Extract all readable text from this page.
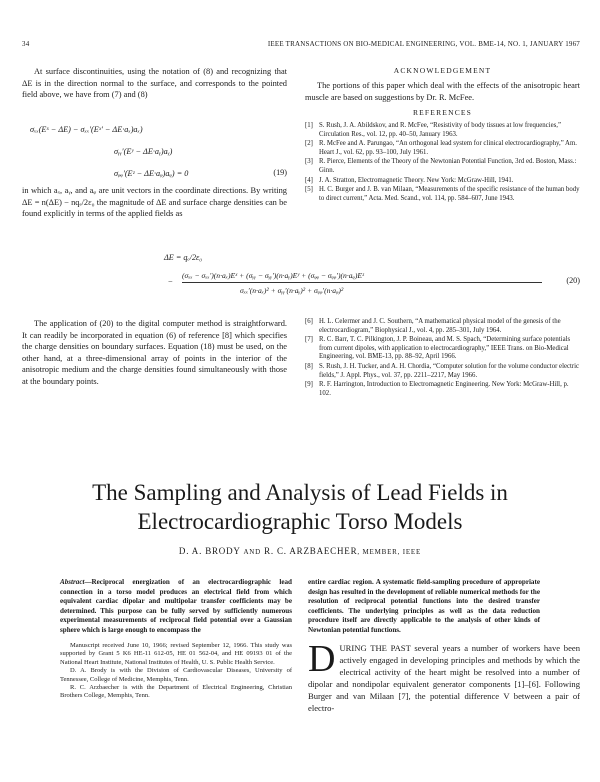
34	IEEE TRANSACTIONS ON BIO-MEDICAL ENGINEERING, VOL. BME-14, NO. 1, JANUARY 1967
At surface discontinuities, using the notation of (8) and recognizing that ΔE is in the direction normal to the surface, and corresponds to the pointed field above, we have from (7) and (8)
σₓₓ(Eˣ − ΔE) − σₓₓ′(Eˣ′ − ΔE·aₓ)aₓ)
σᵧᵧ′(Eʸ − ΔE·aᵧ)aᵧ)
σᵩᵩ′(Eᶻ − ΔE·aᵩ)aᵩ) = 0	(19)
in which aₓ, aᵧ, and aᵩ are unit vectors in the coordinate directions. By writing ΔE = n(ΔE) − nqₑ/2ε₀ the magnitude of ΔE and surface charge densities can be found explicitly in terms of the applied fields as
ACKNOWLEDGEMENT
The portions of this paper which deal with the effects of the anisotropic heart muscle are based on suggestions by Dr. R. McFee.
REFERENCES
[1] S. Rush, J. A. Abildskov, and R. McFee, “Resistivity of body tissues at low frequencies,” Circulation Res., vol. 12, pp. 40–50, January 1963.
[2] R. McFee and A. Parungao, “An orthogonal lead system for clinical electrocardiography,” Am. Heart J., vol. 62, pp. 93–100, July 1961.
[3] R. Pierce, Elements of the Theory of the Newtonian Potential Function, 3rd ed. Boston, Mass.: Ginn.
[4] J. A. Stratton, Electromagnetic Theory. New York: McGraw-Hill, 1941.
[5] H. C. Burger and J. B. van Milaan, “Measurements of the specific resistance of the human body to direct current,” Acta. Med. Scand., vol. 114, pp. 584–607, June 1943.
ΔE = qₑ/2ε₀
−
(σₓₓ − σₓₓ′)(n·aₓ)Eˣ + (σᵧᵧ − σᵧᵧ′)(n·aᵧ)Eʸ + (σᵩᵩ − σᵩᵩ′)(n·aᵩ)Eᶻ
σₓₓ′(n·aₓ)² + σᵧᵧ′(n·aᵧ)² + σᵩᵩ′(n·aᵩ)²
(20)
The application of (20) to the digital computer method is straightforward. It can readily be incorporated in equation (6) of reference [8] which specifies the charge densities on boundary surfaces. Equation (18) must be used, on the other hand, at a three-dimensional array of points in the interior of the anisotropic medium and the charge densities found simultaneously with those at the boundary points.
[6] H. L. Celermer and J. C. Southern, “A mathematical physical model of the genesis of the electrocardiogram,” Biophysical J., vol. 4, pp. 285–301, July 1964.
[7] R. C. Barr, T. C. Pilkington, J. P. Boineau, and M. S. Spach, “Determining surface potentials from current dipoles, with application to electrocardiography,” IEEE Trans. on Bio-Medical Engineering, vol. BME-13, pp. 88–92, April 1966.
[8] S. Rush, J. H. Tucker, and A. H. Chordia, “Computer solution for the volume conductor electric fields,” J. Appl. Phys., vol. 37, pp. 2211–2217, May 1966.
[9] R. F. Harrington, Introduction to Electromagnetic Engineering. New York: McGraw-Hill, p. 102.
The Sampling and Analysis of Lead Fields in
Electrocardiographic Torso Models
D. A. BRODY AND R. C. ARZBAECHER, MEMBER, IEEE
Abstract—Reciprocal energization of an electrocardiographic lead connection in a torso model produces an electrical field from which equivalent cardiac dipolar and multipolar transfer coefficients may be determined. This purpose can be fully served by sufficiently numerous experimental measurements of reciprocal field potential over a Gaussian sphere which is large enough to encompass the
entire cardiac region. A systematic field-sampling procedure of appropriate design has resulted in the development of reliable numerical methods for the resolution of reciprocal potential functions into the desired transfer coefficients. The underlying principles as well as the data reduction procedure itself are directly applicable to the analysis of other kinds of Newtonian potential functions.
Manuscript received June 10, 1966; revised September 12, 1966. This study was supported by Grant 5 K6 HE-11 612-05, HE 01 562-04, and HE 09193 01 of the National Heart Institute, National Institutes of Health, U. S. Public Health Service.
D. A. Brody is with the Division of Cardiovascular Diseases, University of Tennessee, College of Medicine, Memphis, Tenn.
R. C. Arzbaecher is with the Department of Electrical Engineering, Christian Brothers College, Memphis, Tenn.
DURING THE PAST several years a number of workers have been actively engaged in developing principles and methods by which the electrical activity of the heart might be resolved into a number of dipolar and nondipolar equivalent generator components [1]–[6]. Following Burger and van Milaan [7], the potential difference V between a pair of electro-
